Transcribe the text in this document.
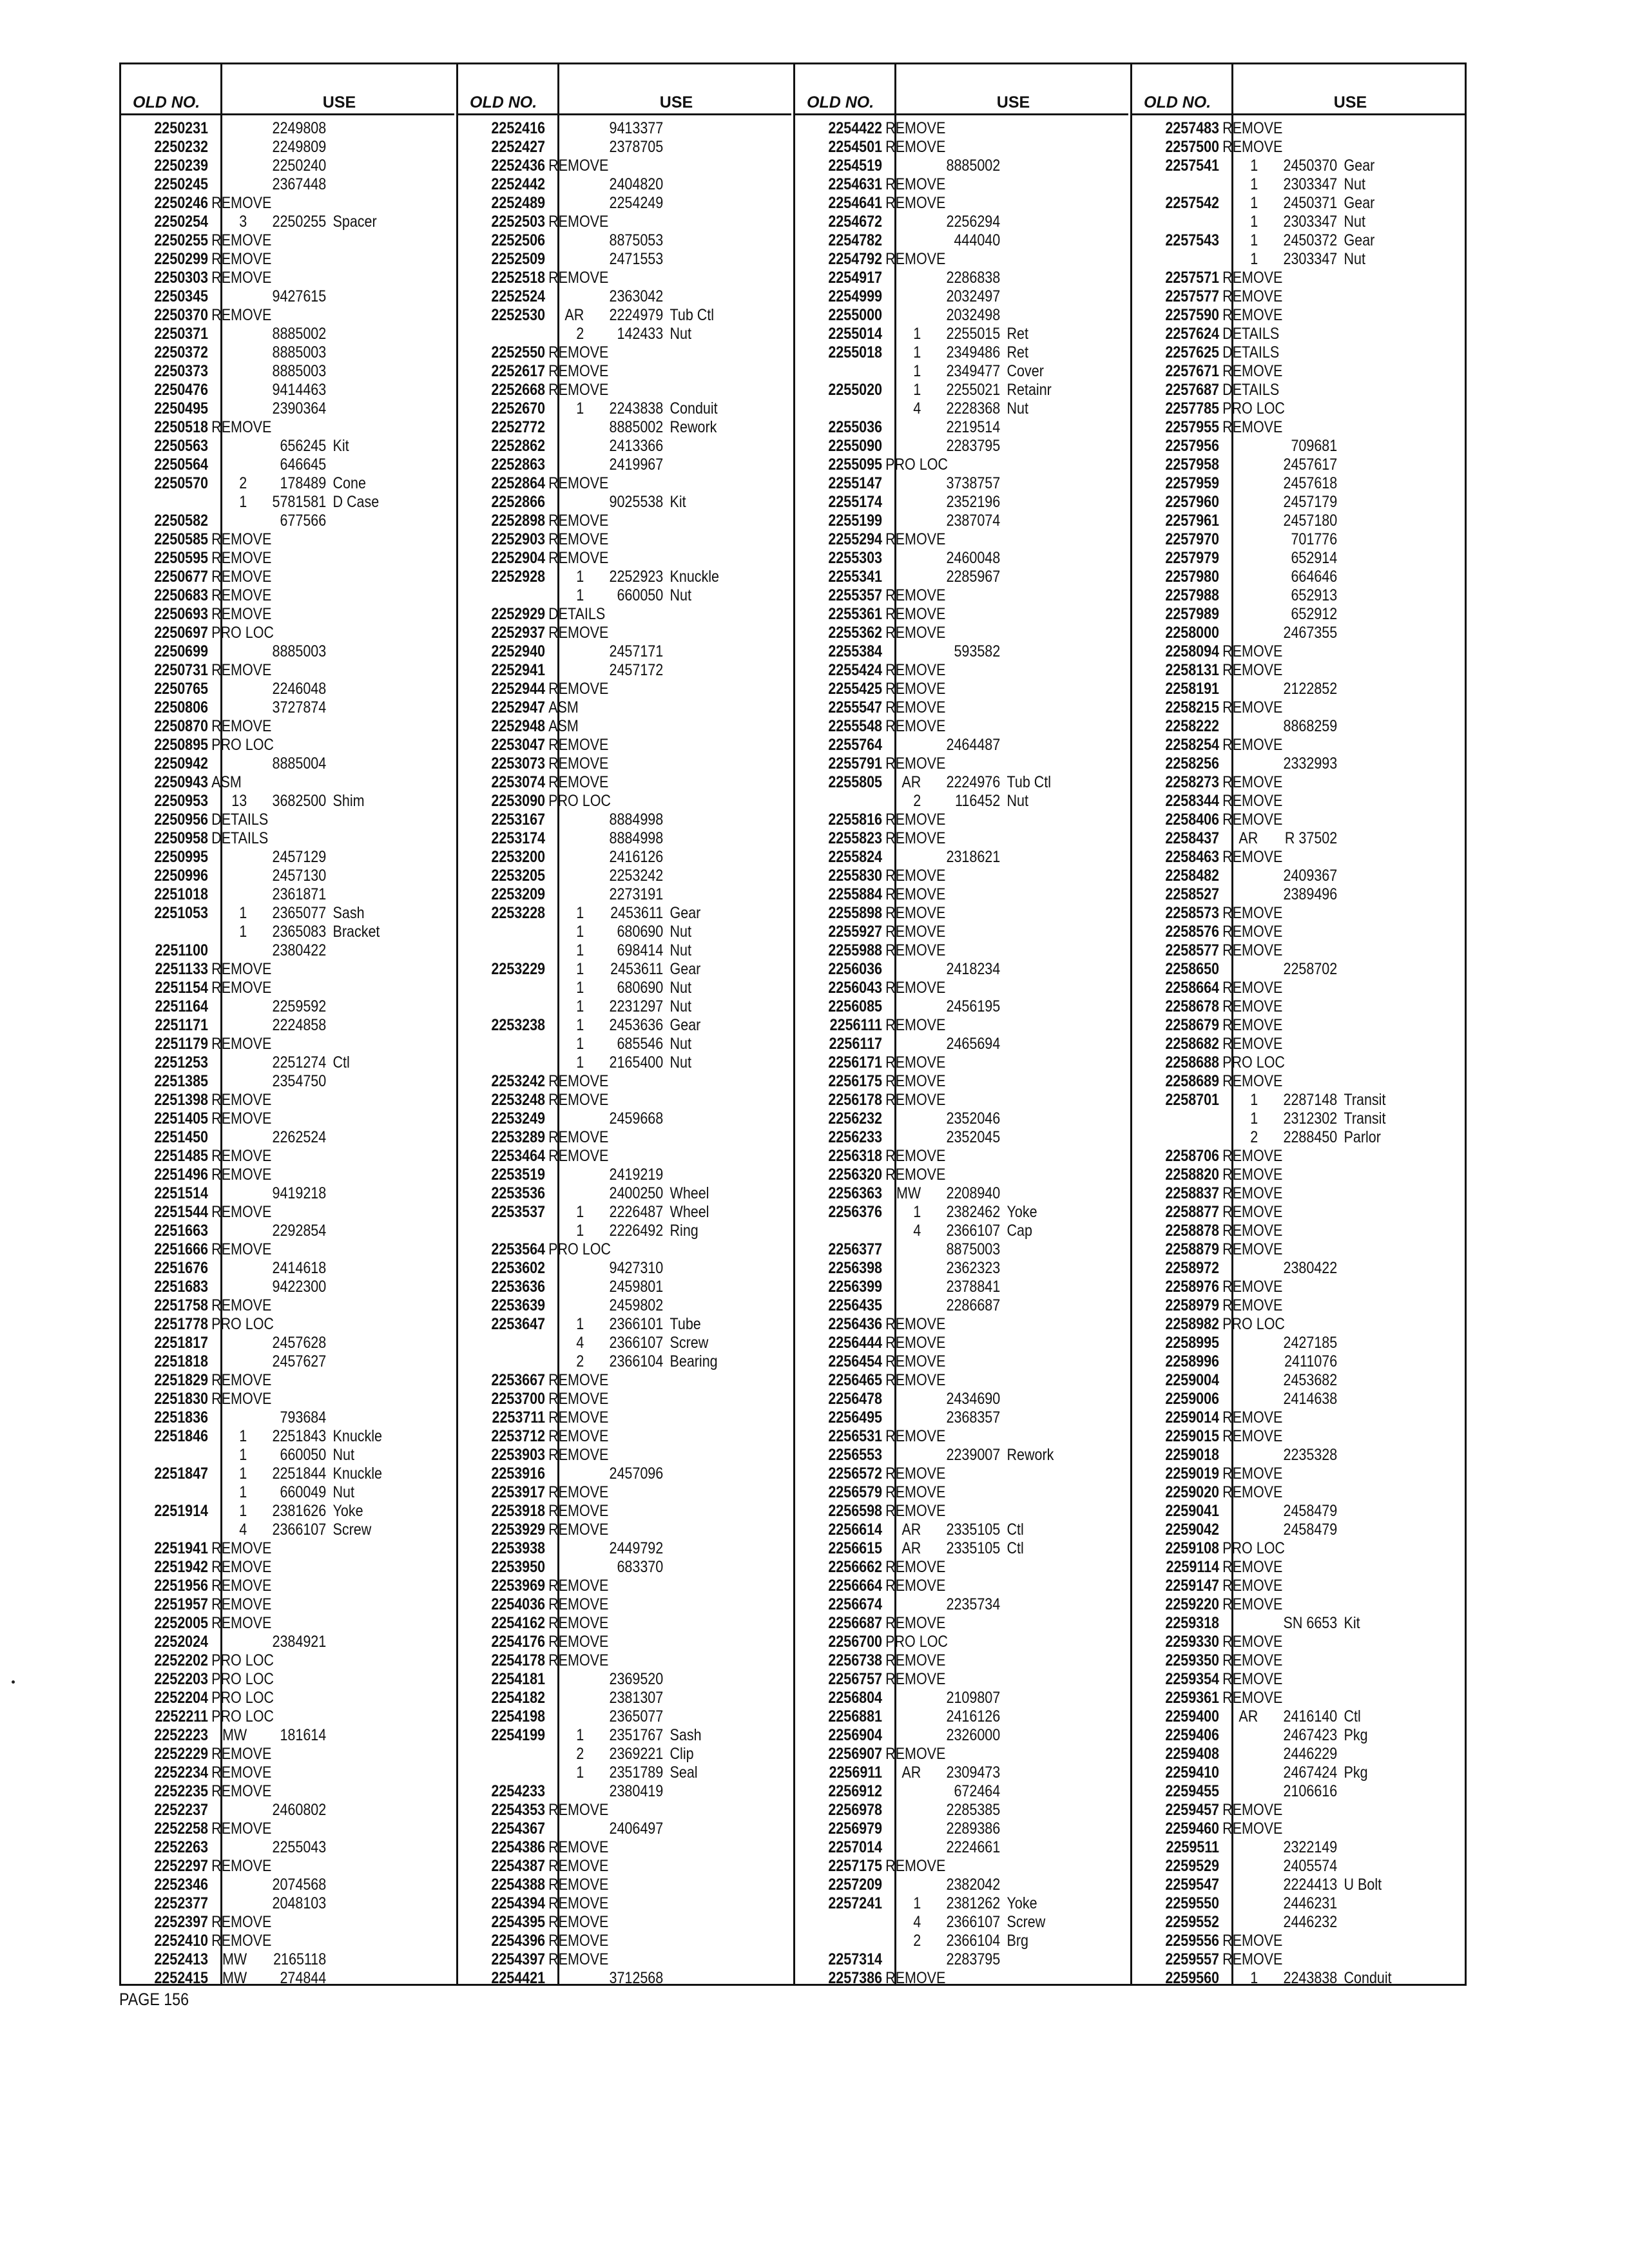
OLD NO.	USE
2250231	2249808
2250232	2249809
2250239	2250240
2250245	2367448
2250246 REMOVE
2250254	3	2250255 Spacer
2250255 REMOVE
2250299 REMOVE
2250303 REMOVE
2250345	9427615
2250370 REMOVE
2250371	8885002
2250372	8885003
2250373	8885003
2250476	9414463
2250495	2390364
2250518 REMOVE
2250563	656245 Kit
2250564	646645
2250570	2	178489 Cone
1	5781581 D Case
2250582	677566
2250585 REMOVE
2250595 REMOVE
2250677 REMOVE
2250683 REMOVE
2250693 REMOVE
2250697 PRO LOC
2250699	8885003
2250731 REMOVE
2250765	2246048
2250806	3727874
2250870 REMOVE
2250895 PRO LOC
2250942	8885004
2250943 ASM
2250953	13	3682500 Shim
2250956 DETAILS
2250958 DETAILS
2250995	2457129
2250996	2457130
2251018	2361871
2251053	1	2365077 Sash
1	2365083 Bracket
2251100	2380422
2251133 REMOVE
2251154 REMOVE
2251164	2259592
2251171	2224858
2251179 REMOVE
2251253	2251274 Ctl
2251385	2354750
2251398 REMOVE
2251405 REMOVE
2251450	2262524
2251485 REMOVE
2251496 REMOVE
2251514	9419218
2251544 REMOVE
2251663	2292854
2251666 REMOVE
2251676	2414618
2251683	9422300
2251758 REMOVE
2251778 PRO LOC
2251817	2457628
2251818	2457627
2251829 REMOVE
2251830 REMOVE
2251836	793684
2251846	1	2251843 Knuckle
1	660050 Nut
2251847	1	2251844 Knuckle
1	660049 Nut
2251914	1	2381626 Yoke
4	2366107 Screw
2251941 REMOVE
2251942 REMOVE
2251956 REMOVE
2251957 REMOVE
2252005 REMOVE
2252024	2384921
2252202 PRO LOC
2252203 PRO LOC
2252204 PRO LOC
2252211 PRO LOC
2252223 MW	181614
2252229 REMOVE
2252234 REMOVE
2252235 REMOVE
2252237	2460802
2252258 REMOVE
2252263	2255043
2252297 REMOVE
2252346	2074568
2252377	2048103
2252397 REMOVE
2252410 REMOVE
2252413 MW	2165118
2252415 MW	274844
OLD NO.	USE
2252416	9413377
2252427	2378705
2252436 REMOVE
2252442	2404820
2252489	2254249
2252503 REMOVE
2252506	8875053
2252509	2471553
2252518 REMOVE
2252524	2363042
2252530	AR	2224979 Tub Ctl
2	142433 Nut
2252550 REMOVE
2252617 REMOVE
2252668 REMOVE
2252670	1	2243838 Conduit
2252772	8885002 Rework
2252862	2413366
2252863	2419967
2252864 REMOVE
2252866	9025538 Kit
2252898 REMOVE
2252903 REMOVE
2252904 REMOVE
2252928	1	2252923 Knuckle
1	660050 Nut
2252929 DETAILS
2252937 REMOVE
2252940	2457171
2252941	2457172
2252944 REMOVE
2252947 ASM
2252948 ASM
2253047 REMOVE
2253073 REMOVE
2253074 REMOVE
2253090 PRO LOC
2253167	8884998
2253174	8884998
2253200	2416126
2253205	2253242
2253209	2273191
2253228	1	2453611 Gear
1	680690 Nut
1	698414 Nut
2253229	1	2453611 Gear
1	680690 Nut
1	2231297 Nut
2253238	1	2453636 Gear
1	685546 Nut
1	2165400 Nut
2253242 REMOVE
2253248 REMOVE
2253249	2459668
2253289 REMOVE
2253464 REMOVE
2253519	2419219
2253536	2400250 Wheel
2253537	1	2226487 Wheel
1	2226492 Ring
2253564 PRO LOC
2253602	9427310
2253636	2459801
2253639	2459802
2253647	1	2366101 Tube
4	2366107 Screw
2	2366104 Bearing
2253667 REMOVE
2253700 REMOVE
2253711 REMOVE
2253712 REMOVE
2253903 REMOVE
2253916	2457096
2253917 REMOVE
2253918 REMOVE
2253929 REMOVE
2253938	2449792
2253950	683370
2253969 REMOVE
2254036 REMOVE
2254162 REMOVE
2254176 REMOVE
2254178 REMOVE
2254181	2369520
2254182	2381307
2254198	2365077
2254199	1	2351767 Sash
2	2369221 Clip
1	2351789 Seal
2254233	2380419
2254353 REMOVE
2254367	2406497
2254386 REMOVE
2254387 REMOVE
2254388 REMOVE
2254394 REMOVE
2254395 REMOVE
2254396 REMOVE
2254397 REMOVE
2254421	3712568
OLD NO.	USE
2254422 REMOVE
2254501 REMOVE
2254519	8885002
2254631 REMOVE
2254641 REMOVE
2254672	2256294
2254782	444040
2254792 REMOVE
2254917	2286838
2254999	2032497
2255000	2032498
2255014	1	2255015 Ret
2255018	1	2349486 Ret
1	2349477 Cover
2255020	1	2255021 Retainr
4	2228368 Nut
2255036	2219514
2255090	2283795
2255095 PRO LOC
2255147	3738757
2255174	2352196
2255199	2387074
2255294 REMOVE
2255303	2460048
2255341	2285967
2255357 REMOVE
2255361 REMOVE
2255362 REMOVE
2255384	593582
2255424 REMOVE
2255425 REMOVE
2255547 REMOVE
2255548 REMOVE
2255764	2464487
2255791 REMOVE
2255805	AR	2224976 Tub Ctl
2	116452 Nut
2255816 REMOVE
2255823 REMOVE
2255824	2318621
2255830 REMOVE
2255884 REMOVE
2255898 REMOVE
2255927 REMOVE
2255988 REMOVE
2256036	2418234
2256043 REMOVE
2256085	2456195
2256111 REMOVE
2256117	2465694
2256171 REMOVE
2256175 REMOVE
2256178 REMOVE
2256232	2352046
2256233	2352045
2256318 REMOVE
2256320 REMOVE
2256363 MW	2208940
2256376	1	2382462 Yoke
4	2366107 Cap
2256377	8875003
2256398	2362323
2256399	2378841
2256435	2286687
2256436 REMOVE
2256444 REMOVE
2256454 REMOVE
2256465 REMOVE
2256478	2434690
2256495	2368357
2256531 REMOVE
2256553	2239007 Rework
2256572 REMOVE
2256579 REMOVE
2256598 REMOVE
2256614	AR	2335105 Ctl
2256615	AR	2335105 Ctl
2256662 REMOVE
2256664 REMOVE
2256674	2235734
2256687 REMOVE
2256700 PRO LOC
2256738 REMOVE
2256757 REMOVE
2256804	2109807
2256881	2416126
2256904	2326000
2256907 REMOVE
2256911	AR	2309473
2256912	672464
2256978	2285385
2256979	2289386
2257014	2224661
2257175 REMOVE
2257209	2382042
2257241	1	2381262 Yoke
4	2366107 Screw
2	2366104 Brg
2257314	2283795
2257386 REMOVE
OLD NO.	USE
2257483 REMOVE
2257500 REMOVE
2257541	1	2450370 Gear
1	2303347 Nut
2257542	1	2450371 Gear
1	2303347 Nut
2257543	1	2450372 Gear
1	2303347 Nut
2257571 REMOVE
2257577 REMOVE
2257590 REMOVE
2257624 DETAILS
2257625 DETAILS
2257671 REMOVE
2257687 DETAILS
2257785 PRO LOC
2257955 REMOVE
2257956	709681
2257958	2457617
2257959	2457618
2257960	2457179
2257961	2457180
2257970	701776
2257979	652914
2257980	664646
2257988	652913
2257989	652912
2258000	2467355
2258094 REMOVE
2258131 REMOVE
2258191	2122852
2258215 REMOVE
2258222	8868259
2258254 REMOVE
2258256	2332993
2258273 REMOVE
2258344 REMOVE
2258406 REMOVE
2258437	AR	R 37502
2258463 REMOVE
2258482	2409367
2258527	2389496
2258573 REMOVE
2258576 REMOVE
2258577 REMOVE
2258650	2258702
2258664 REMOVE
2258678 REMOVE
2258679 REMOVE
2258682 REMOVE
2258688 PRO LOC
2258689 REMOVE
2258701	1	2287148 Transit
1	2312302 Transit
2	2288450 Parlor
2258706 REMOVE
2258820 REMOVE
2258837 REMOVE
2258877 REMOVE
2258878 REMOVE
2258879 REMOVE
2258972	2380422
2258976 REMOVE
2258979 REMOVE
2258982 PRO LOC
2258995	2427185
2258996	2411076
2259004	2453682
2259006	2414638
2259014 REMOVE
2259015 REMOVE
2259018	2235328
2259019 REMOVE
2259020 REMOVE
2259041	2458479
2259042	2458479
2259108 PRO LOC
2259114 REMOVE
2259147 REMOVE
2259220 REMOVE
2259318	SN 6653 Kit
2259330 REMOVE
2259350 REMOVE
2259354 REMOVE
2259361 REMOVE
2259400	AR	2416140 Ctl
2259406	2467423 Pkg
2259408	2446229
2259410	2467424 Pkg
2259455	2106616
2259457 REMOVE
2259460 REMOVE
2259511	2322149
2259529	2405574
2259547	2224413 U Bolt
2259550	2446231
2259552	2446232
2259556 REMOVE
2259557 REMOVE
2259560	1	2243838 Conduit
PAGE 156
